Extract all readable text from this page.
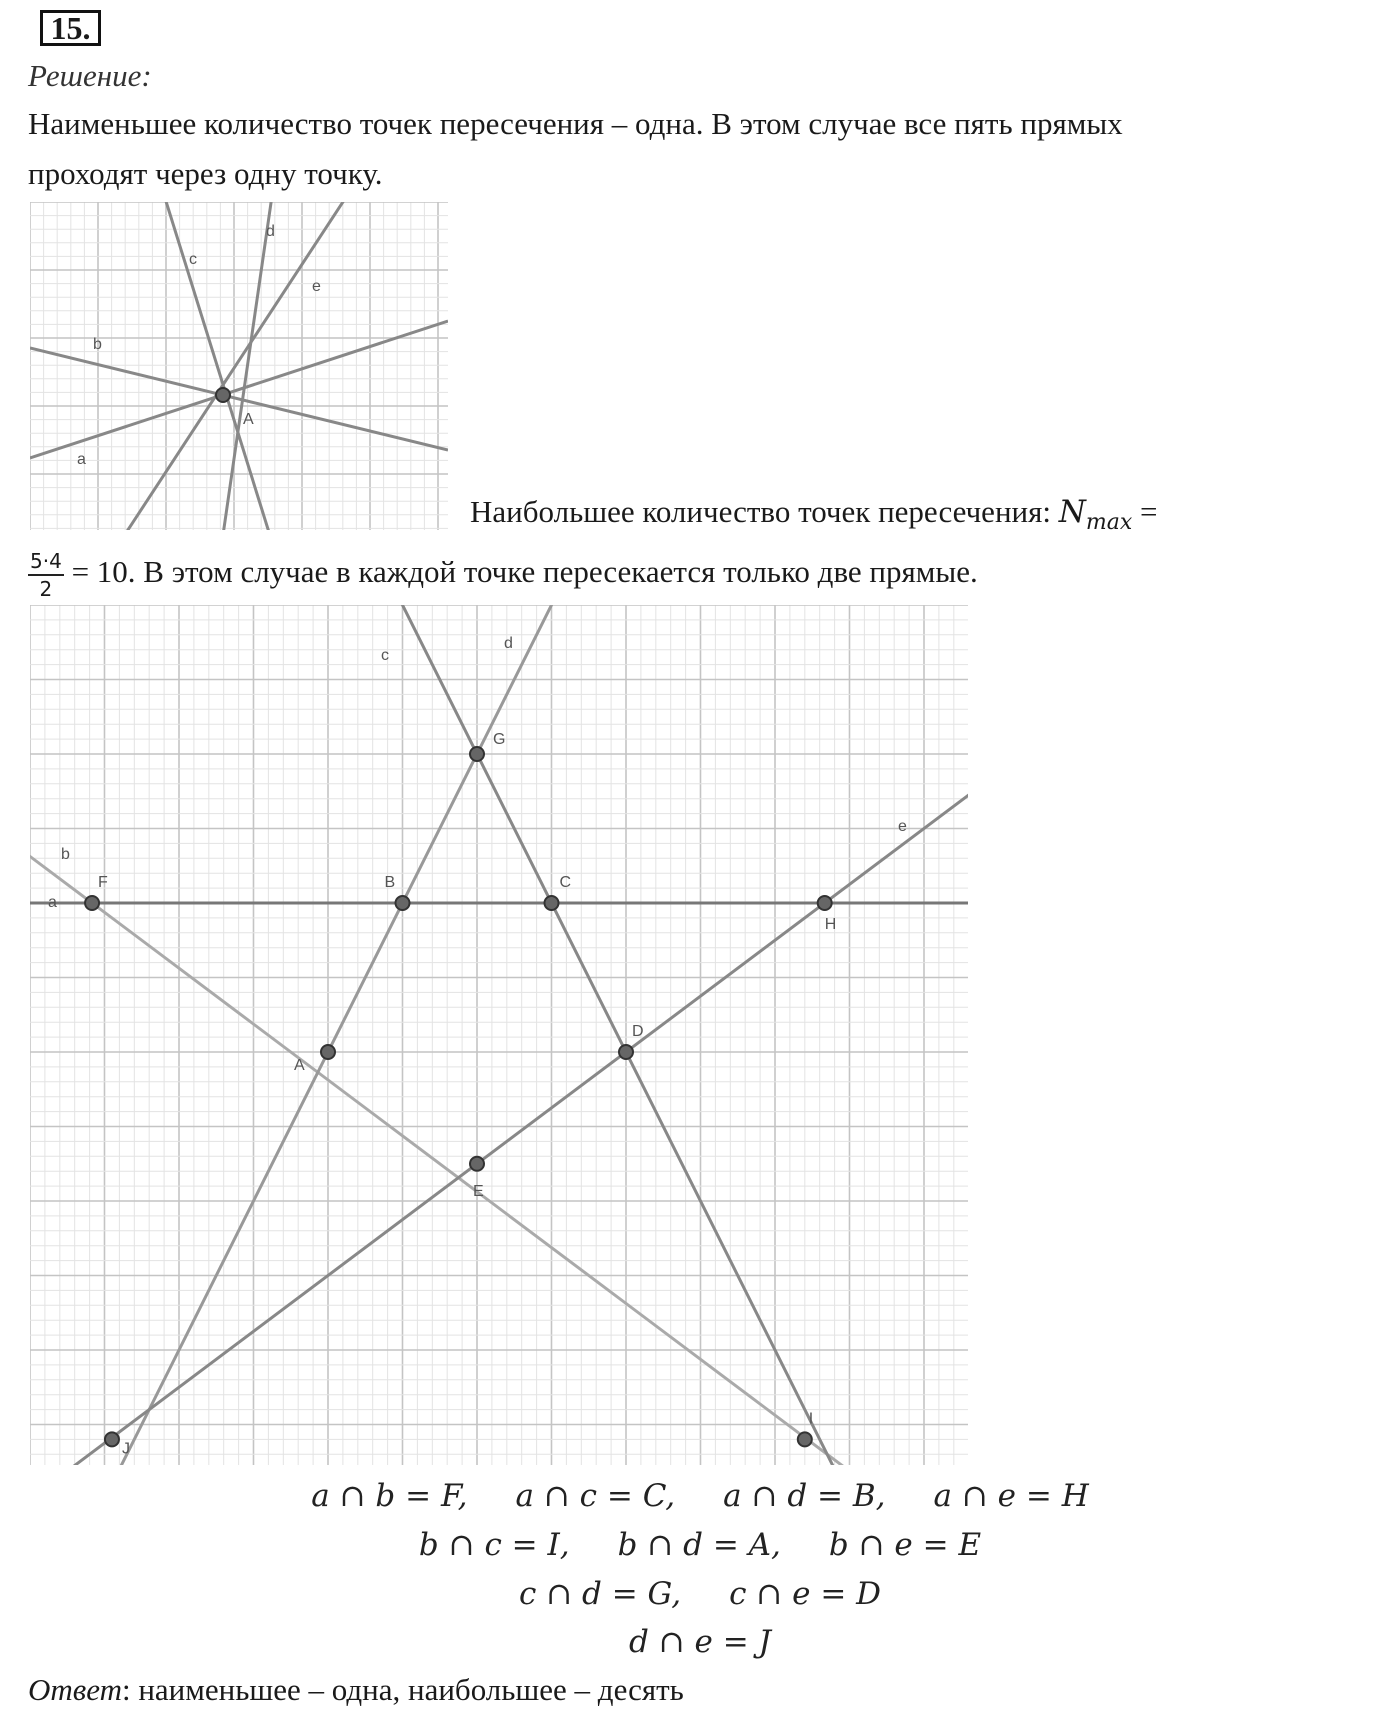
15.
Решение:
Наименьшее количество точек пересечения – одна. В этом случае все пять прямых
проходят через одну точку.
A
a
b
c
d
e
Наибольшее количество точек пересечения: $N_{max}$ =
$\frac{5\cdot 4}{2} = 10$. В этом случае в каждой точке пересекается только две прямые.
A
B	C
D
E
F
G
H
I
J
a
b
c
d
e
a ∩ b = F, a ∩ c = C, a ∩ d = B, a ∩ e = H
b ∩ c = I, b ∩ d = A, b ∩ e = E
c ∩ d = G, c ∩ e = D
d ∩ e = J
Ответ: наименьшее – одна, наибольшее – десять
